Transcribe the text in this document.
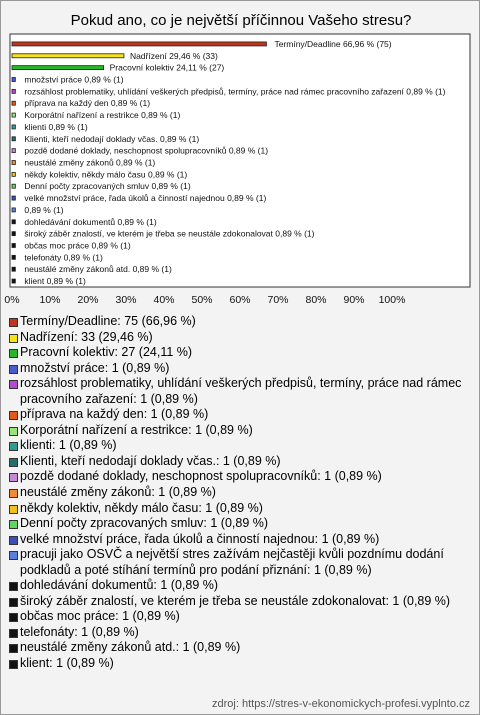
Pokud ano, co je největší příčinnou Vašeho stresu?
Termíny/Deadline 66,96 % (75)
Nadřízení 29,46 % (33)
Pracovní kolektiv 24,11 % (27)
množství práce 0,89 % (1)
rozsáhlost problematiky, uhlídání veškerých předpisů, termíny, práce nad rámec pracovního zařazení 0,89 % (1)
příprava na každý den 0,89 % (1)
Korporátní nařízení a restrikce 0,89 % (1)
klienti 0,89 % (1)
Klienti, kteří nedodají doklady včas. 0,89 % (1)
pozdě dodané doklady, neschopnost spolupracovníků 0,89 % (1)
neustálé změny zákonů 0,89 % (1)
někdy kolektiv, někdy málo času 0,89 % (1)
Denní počty zpracovaných smluv 0,89 % (1)
velké množství práce, řada úkolů a činností najednou 0,89 % (1)
0,89 % (1)
dohledávání dokumentů 0,89 % (1)
široký záběr znalostí, ve kterém je třeba se neustále zdokonalovat 0,89 % (1)
občas moc práce 0,89 % (1)
telefonáty 0,89 % (1)
neustálé změny zákonů atd. 0,89 % (1)
klient 0,89 % (1)
0% 10% 20% 30% 40% 50% 60% 70% 80% 90% 100%
Termíny/Deadline: 75 (66,96 %)
Nadřízení: 33 (29,46 %)
Pracovní kolektiv: 27 (24,11 %)
množství práce: 1 (0,89 %)
rozsáhlost problematiky, uhlídání veškerých předpisů, termíny, práce nad rámec pracovního zařazení: 1 (0,89 %)
příprava na každý den: 1 (0,89 %)
Korporátní nařízení a restrikce: 1 (0,89 %)
klienti: 1 (0,89 %)
Klienti, kteří nedodají doklady včas.: 1 (0,89 %)
pozdě dodané doklady, neschopnost spolupracovníků: 1 (0,89 %)
neustálé změny zákonů: 1 (0,89 %)
někdy kolektiv, někdy málo času: 1 (0,89 %)
Denní počty zpracovaných smluv: 1 (0,89 %)
velké množství práce, řada úkolů a činností najednou: 1 (0,89 %)
pracuji jako OSVČ a největší stres zažívám nejčastěji kvůli pozdnímu dodání podkladů a poté stíhání termínů pro podání přiznání: 1 (0,89 %)
dohledávání dokumentů: 1 (0,89 %)
široký záběr znalostí, ve kterém je třeba se neustále zdokonalovat: 1 (0,89 %)
občas moc práce: 1 (0,89 %)
telefonáty: 1 (0,89 %)
neustálé změny zákonů atd.: 1 (0,89 %)
klient: 1 (0,89 %)
zdroj: https://stres-v-ekonomickych-profesi.vyplnto.cz
